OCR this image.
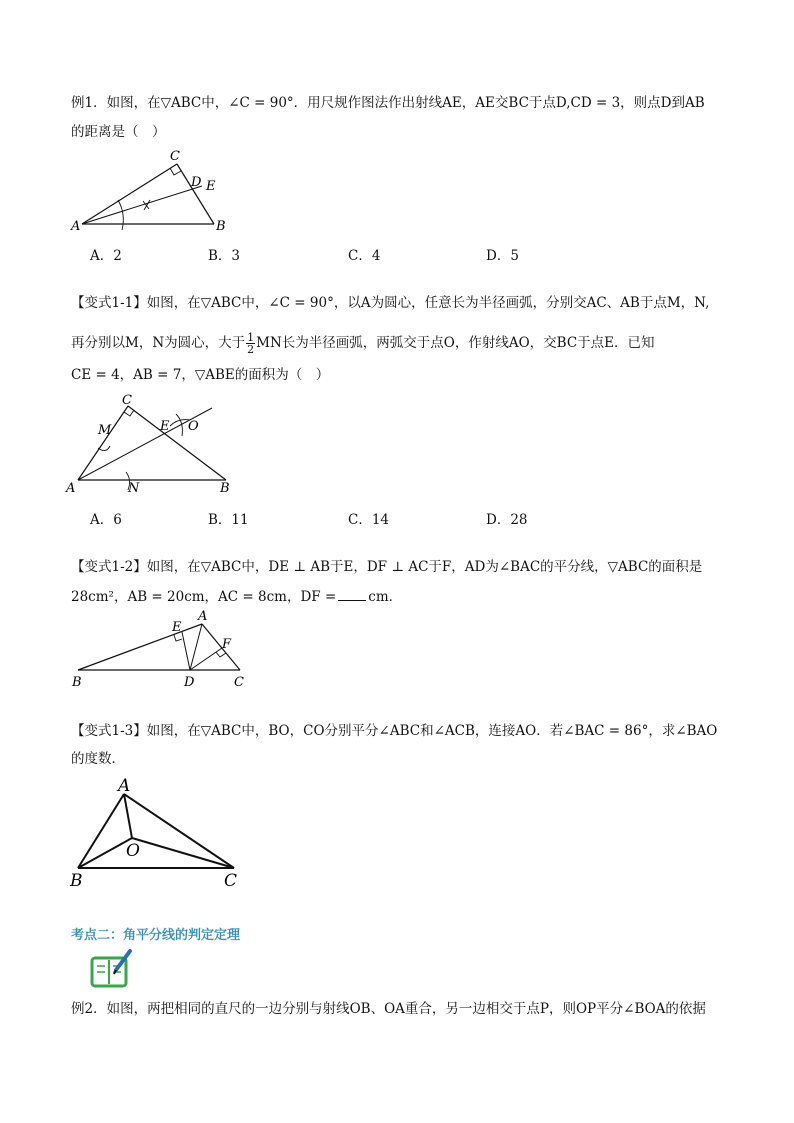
例1．如图，在▽ABC中，∠C = 90°．用尺规作图法作出射线AE，AE交BC于点D,CD = 3，则点D到AB
的距离是（　）
A	B
C
D E
A．2	B．3	C．4	D．5
【变式1-1】如图，在▽ABC中，∠C = 90°，以A为圆心，任意长为半径画弧，分别交AC、AB于点M，N,
再分别以M，N为圆心，大于 $\frac{1}{2}$ MN长为半径画弧，两弧交于点O，作射线AO，交BC于点E．已知
CE = 4，AB = 7，▽ABE的面积为（　）
A	B
C
M
N
E O
A．6	B．11	C．14	D．28
【变式1-2】如图，在▽ABC中，DE ⊥ AB于E，DF ⊥ AC于F，AD为∠BAC的平分线，▽ABC的面积是
28cm²，AB = 20cm，AC = 8cm，DF = cm．
B	C
A
D
E
F
【变式1-3】如图，在▽ABC中，BO，CO分别平分∠ABC和∠ACB，连接AO．若∠BAC = 86°，求∠BAO
的度数．
A
B	C
O
考点二：角平分线的判定定理
例2．如图，两把相同的直尺的一边分别与射线OB、OA重合，另一边相交于点P，则OP平分∠BOA的依据
